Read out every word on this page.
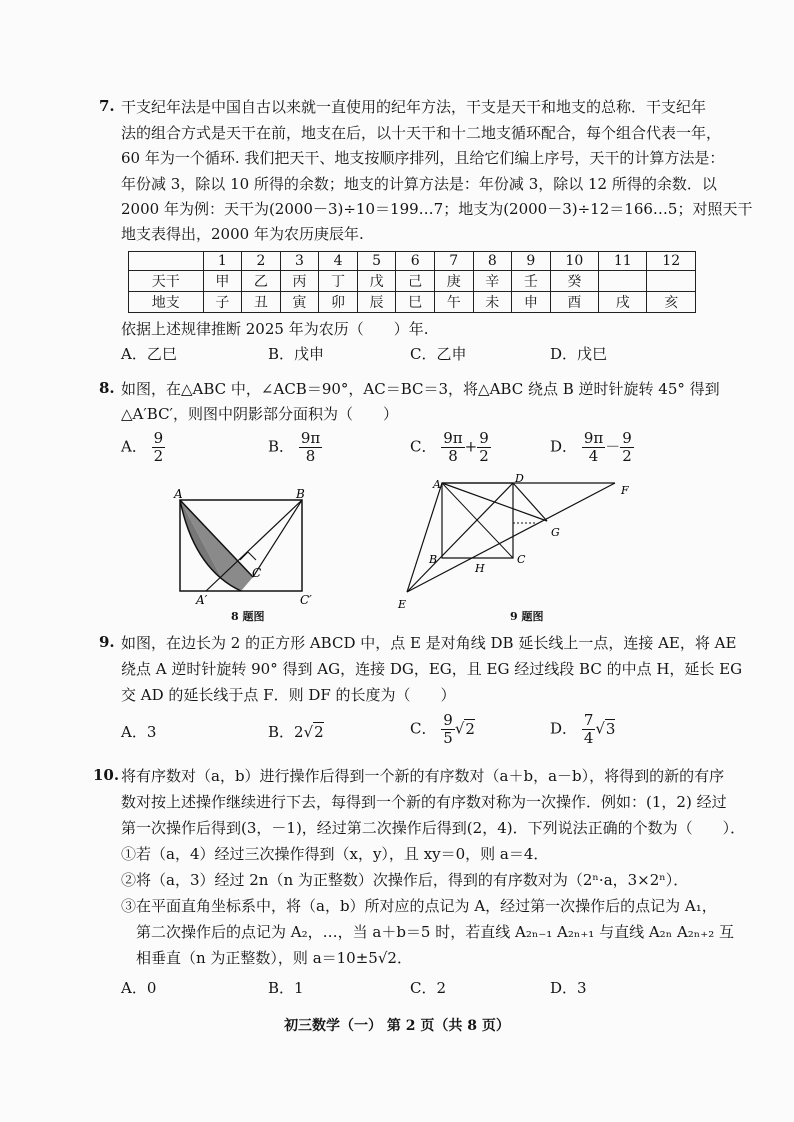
7. 干支纪年法是中国自古以来就一直使用的纪年方法，干支是天干和地支的总称．干支纪年
法的组合方式是天干在前，地支在后，以十天干和十二地支循环配合，每个组合代表一年，
60 年为一个循环. 我们把天干、地支按顺序排列，且给它们编上序号，天干的计算方法是：
年份减 3，除以 10 所得的余数；地支的计算方法是：年份减 3，除以 12 所得的余数．以
2000 年为例：天干为(2000－3)÷10＝199…7；地支为(2000－3)÷12＝166…5；对照天干
地支表得出，2000 年为农历庚辰年.
	1	2	3	4	5	6	7	8	9	10	11	12
天干	甲	乙	丙	丁	戊	己	庚	辛	壬	癸		
地支	子	丑	寅	卯	辰	巳	午	未	申	酉	戌	亥
依据上述规律推断 2025 年为农历（　　）年.
A．乙巳	B．戊申	C．乙申	D．戊巳
8. 如图，在△ABC 中，∠ACB＝90°，AC＝BC＝3，将△ABC 绕点 B 逆时针旋转 45° 得到
△A′BC′，则图中阴影部分面积为（　　）
A． $\frac{9}{2}$	B． $\frac{9\pi}{8}$	C． $\frac{9\pi}{8} + \frac{9}{2}$	D． $\frac{9\pi}{4} - \frac{9}{2}$
A	B
C
A′	C′
8 题图
A	D
F
G
B	C
H
E
9 题图
9. 如图，在边长为 2 的正方形 ABCD 中，点 E 是对角线 DB 延长线上一点，连接 AE，将 AE
绕点 A 逆时针旋转 90° 得到 AG，连接 DG，EG，且 EG 经过线段 BC 的中点 H，延长 EG
交 AD 的延长线于点 F．则 DF 的长度为（　　）
A．3	B．2√2	C． $\frac{9}{5} √2$	D． $\frac{7}{4} √3$
10. 将有序数对（a，b）进行操作后得到一个新的有序数对（a＋b，a－b），将得到的新的有序
数对按上述操作继续进行下去，每得到一个新的有序数对称为一次操作．例如：(1，2) 经过
第一次操作后得到(3，－1)，经过第二次操作后得到(2，4)．下列说法正确的个数为（　　）．
①若（a，4）经过三次操作得到（x，y），且 xy＝0，则 a＝4．
②将（a，3）经过 2n（n 为正整数）次操作后，得到的有序数对为（2ⁿ·a，3×2ⁿ）．
③在平面直角坐标系中，将（a，b）所对应的点记为 A，经过第一次操作后的点记为 A₁，
第二次操作后的点记为 A₂，…，当 a＋b＝5 时，若直线 A₂ₙ₋₁ A₂ₙ₊₁ 与直线 A₂ₙ A₂ₙ₊₂ 互
相垂直（n 为正整数），则 a＝10±5√2．
A．0	B．1	C．2	D．3
初三数学（一） 第 2 页（共 8 页）
